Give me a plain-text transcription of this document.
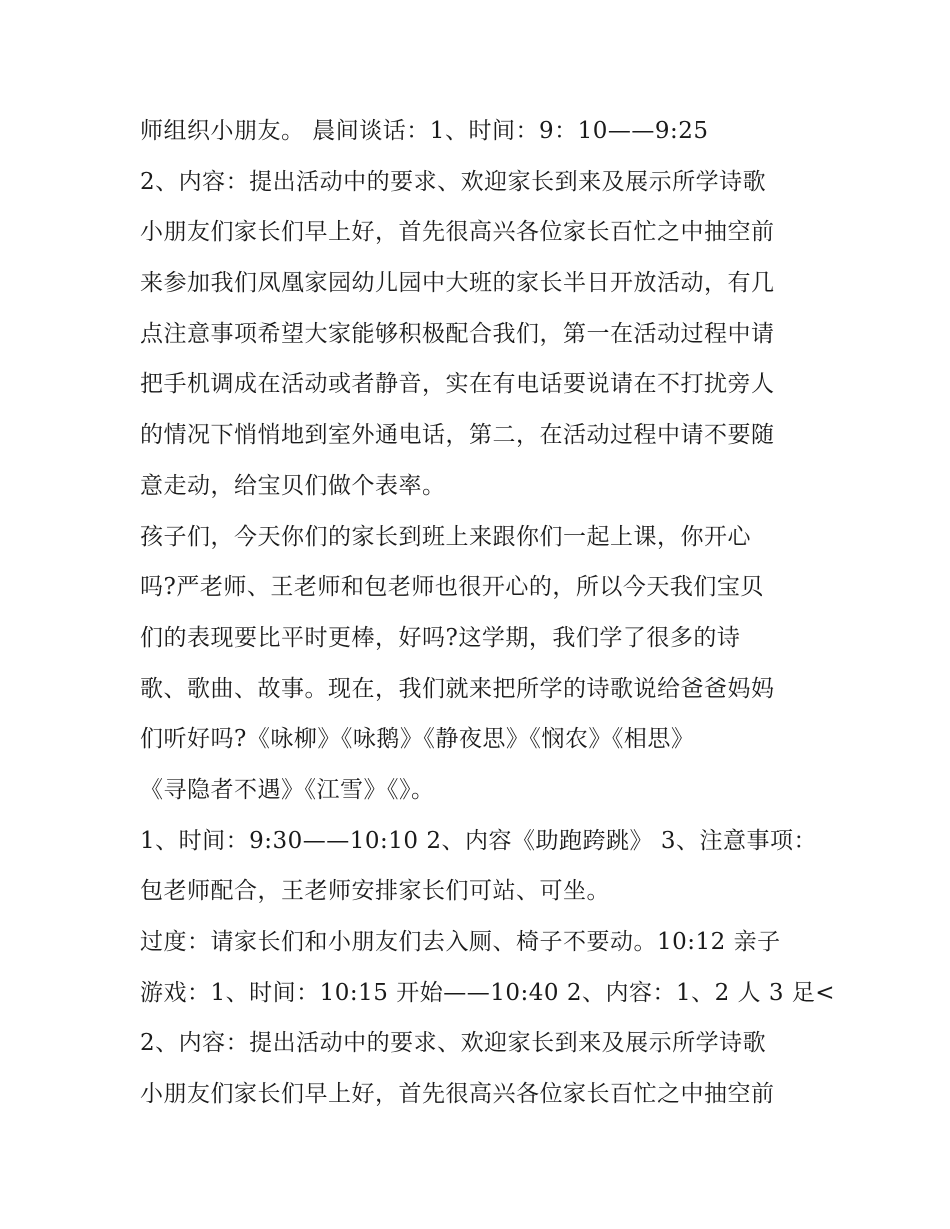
师组织小朋友。 晨间谈话：1、时间：9：10——9:25
2、内容：提出活动中的要求、欢迎家长到来及展示所学诗歌
小朋友们家长们早上好，首先很高兴各位家长百忙之中抽空前
来参加我们凤凰家园幼儿园中大班的家长半日开放活动，有几
点注意事项希望大家能够积极配合我们，第一在活动过程中请
把手机调成在活动或者静音，实在有电话要说请在不打扰旁人
的情况下悄悄地到室外通电话，第二，在活动过程中请不要随
意走动，给宝贝们做个表率。
孩子们，今天你们的家长到班上来跟你们一起上课，你开心
吗?严老师、王老师和包老师也很开心的，所以今天我们宝贝
们的表现要比平时更棒，好吗?这学期，我们学了很多的诗
歌、歌曲、故事。现在，我们就来把所学的诗歌说给爸爸妈妈
们听好吗?《咏柳》《咏鹅》《静夜思》《悯农》《相思》
《寻隐者不遇》《江雪》《》。
1、时间：9:30——10:10 2、内容《助跑跨跳》 3、注意事项：
包老师配合，王老师安排家长们可站、可坐。
过度：请家长们和小朋友们去入厕、椅子不要动。10:12 亲子
游戏：1、时间：10:15 开始——10:40 2、内容：1、2 人 3 足<
2、内容：提出活动中的要求、欢迎家长到来及展示所学诗歌
小朋友们家长们早上好，首先很高兴各位家长百忙之中抽空前
